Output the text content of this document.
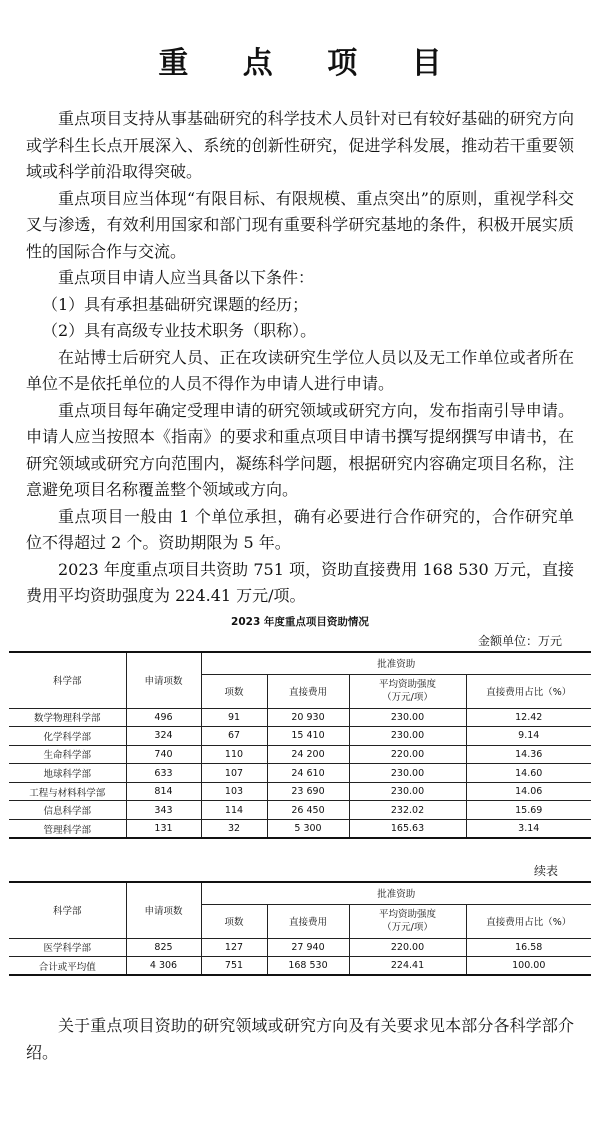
重 点 项 目

重点项目支持从事基础研究的科学技术人员针对已有较好基础的研究方向或学科生长点开展深入、系统的创新性研究，促进学科发展，推动若干重要领域或科学前沿取得突破。

重点项目应当体现“有限目标、有限规模、重点突出”的原则，重视学科交叉与渗透，有效利用国家和部门现有重要科学研究基地的条件，积极开展实质性的国际合作与交流。

重点项目申请人应当具备以下条件：

（1）具有承担基础研究课题的经历；

（2）具有高级专业技术职务（职称）。

在站博士后研究人员、正在攻读研究生学位人员以及无工作单位或者所在单位不是依托单位的人员不得作为申请人进行申请。

重点项目每年确定受理申请的研究领域或研究方向，发布指南引导申请。申请人应当按照本《指南》的要求和重点项目申请书撰写提纲撰写申请书，在研究领域或研究方向范围内，凝练科学问题，根据研究内容确定项目名称，注意避免项目名称覆盖整个领域或方向。

重点项目一般由 1 个单位承担，确有必要进行合作研究的，合作研究单位不得超过 2 个。资助期限为 5 年。

2023 年度重点项目共资助 751 项，资助直接费用 168 530 万元，直接费用平均资助强度为 224.41 万元/项。

2023 年度重点项目资助情况
金额单位：万元
科学部	申请项数	批准资助			
		项数	直接费用	平均资助强度
（万元/项）	直接费用占比（%）
数学物理科学部	496	91	20 930	230.00	12.42
化学科学部	324	67	15 410	230.00	9.14
生命科学部	740	110	24 200	220.00	14.36
地球科学部	633	107	24 610	230.00	14.60
工程与材料科学部	814	103	23 690	230.00	14.06
信息科学部	343	114	26 450	232.02	15.69
管理科学部	131	32	5 300	165.63	3.14
续表
科学部	申请项数	批准资助			
		项数	直接费用	平均资助强度
（万元/项）	直接费用占比（%）
医学科学部	825	127	27 940	220.00	16.58
合计或平均值	4 306	751	168 530	224.41	100.00
关于重点项目资助的研究领域或研究方向及有关要求见本部分各科学部介绍。
